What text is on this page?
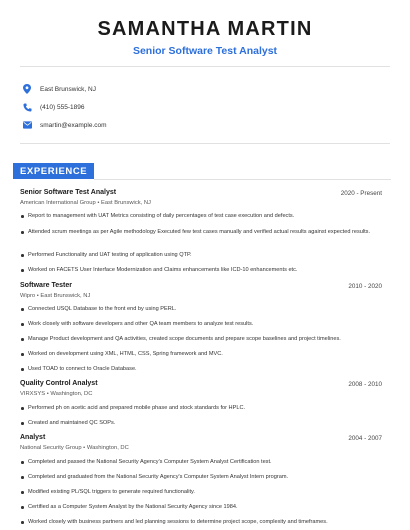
SAMANTHA MARTIN
Senior Software Test Analyst
East Brunswick, NJ
(410) 555-1896
smartin@example.com
EXPERIENCE
Senior Software Test Analyst	2020 - Present
American International Group • East Brunswick, NJ
Report to management with UAT Metrics consisting of daily percentages of test case execution and defects.
Attended scrum meetings as per Agile methodology Executed few test cases manually and verified actual results against expected results.
Performed Functionality and UAT testing of application using QTP.
Worked on FACETS User Interface Modernization and Claims enhancements like ICD-10 enhancements etc.
Software Tester	2010 - 2020
Wipro • East Brunswick, NJ
Connected USQL Database to the front end by using PERL.
Work closely with software developers and other QA team members to analyze test results.
Manage Product development and QA activities, created scope documents and prepare scope baselines and project timelines.
Worked on development using XML, HTML, CSS, Spring framework and MVC.
Used TOAD to connect to Oracle Database.
Quality Control Analyst	2008 - 2010
VIRXSYS • Washington, DC
Performed ph on acetic acid and prepared mobile phase and stock standards for HPLC.
Created and maintained QC SOPs.
Analyst	2004 - 2007
National Security Group • Washington, DC
Completed and passed the National Security Agency's Computer System Analyst Certification test.
Completed and graduated from the National Security Agency's Computer System Analyst Intern program.
Modified existing PL/SQL triggers to generate required functionality.
Certified as a Computer System Analyst by the National Security Agency since 1984.
Worked closely with business partners and led planning sessions to determine project scope, complexity and timeframes.
